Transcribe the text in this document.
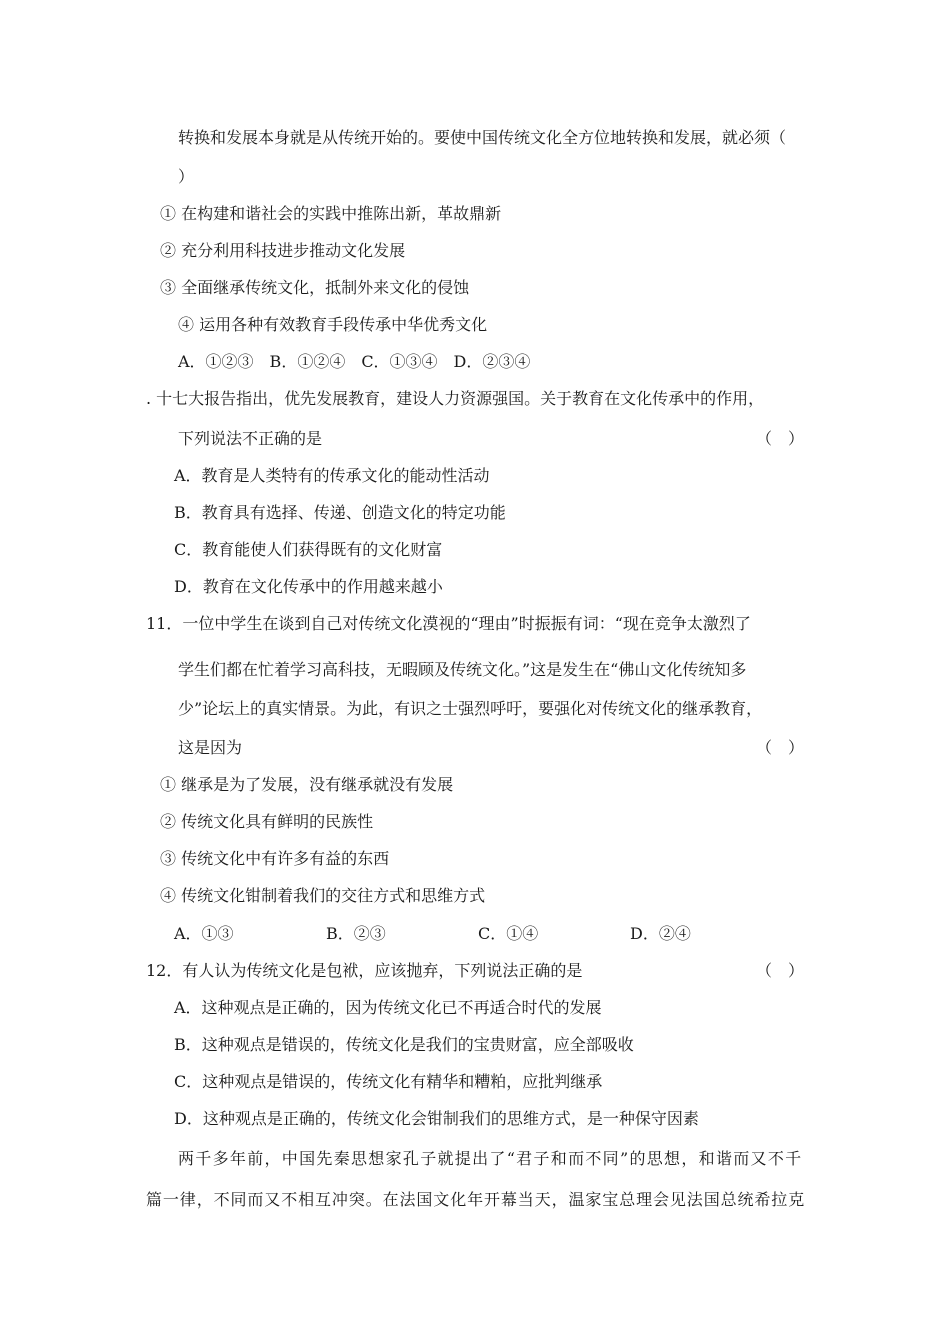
转换和发展本身就是从传统开始的。要使中国传统文化全方位地转换和发展，就必须（
）
① 在构建和谐社会的实践中推陈出新，革故鼎新
② 充分利用科技进步推动文化发展
③ 全面继承传统文化，抵制外来文化的侵蚀
④ 运用各种有效教育手段传承中华优秀文化
A．①②③　B．①②④　C．①③④　D．②③④
. 十七大报告指出，优先发展教育，建设人力资源强国。关于教育在文化传承中的作用，
下列说法不正确的是	（　）
A．教育是人类特有的传承文化的能动性活动
B．教育具有选择、传递、创造文化的特定功能
C．教育能使人们获得既有的文化财富
D．教育在文化传承中的作用越来越小
11．一位中学生在谈到自己对传统文化漠视的“理由”时振振有词：“现在竞争太激烈了
学生们都在忙着学习高科技，无暇顾及传统文化。”这是发生在“佛山文化传统知多
少”论坛上的真实情景。为此，有识之士强烈呼吁，要强化对传统文化的继承教育，
这是因为	（　）
① 继承是为了发展，没有继承就没有发展
② 传统文化具有鲜明的民族性
③ 传统文化中有许多有益的东西
④ 传统文化钳制着我们的交往方式和思维方式
A．①③	B．②③	C．①④	D．②④
12．有人认为传统文化是包袱，应该抛弃，下列说法正确的是	（　）
A．这种观点是正确的，因为传统文化已不再适合时代的发展
B．这种观点是错误的，传统文化是我们的宝贵财富，应全部吸收
C．这种观点是错误的，传统文化有精华和糟粕，应批判继承
D．这种观点是正确的，传统文化会钳制我们的思维方式，是一种保守因素
两千多年前，中国先秦思想家孔子就提出了“君子和而不同”的思想，和谐而又不千
篇一律，不同而又不相互冲突。在法国文化年开幕当天，温家宝总理会见法国总统希拉克
